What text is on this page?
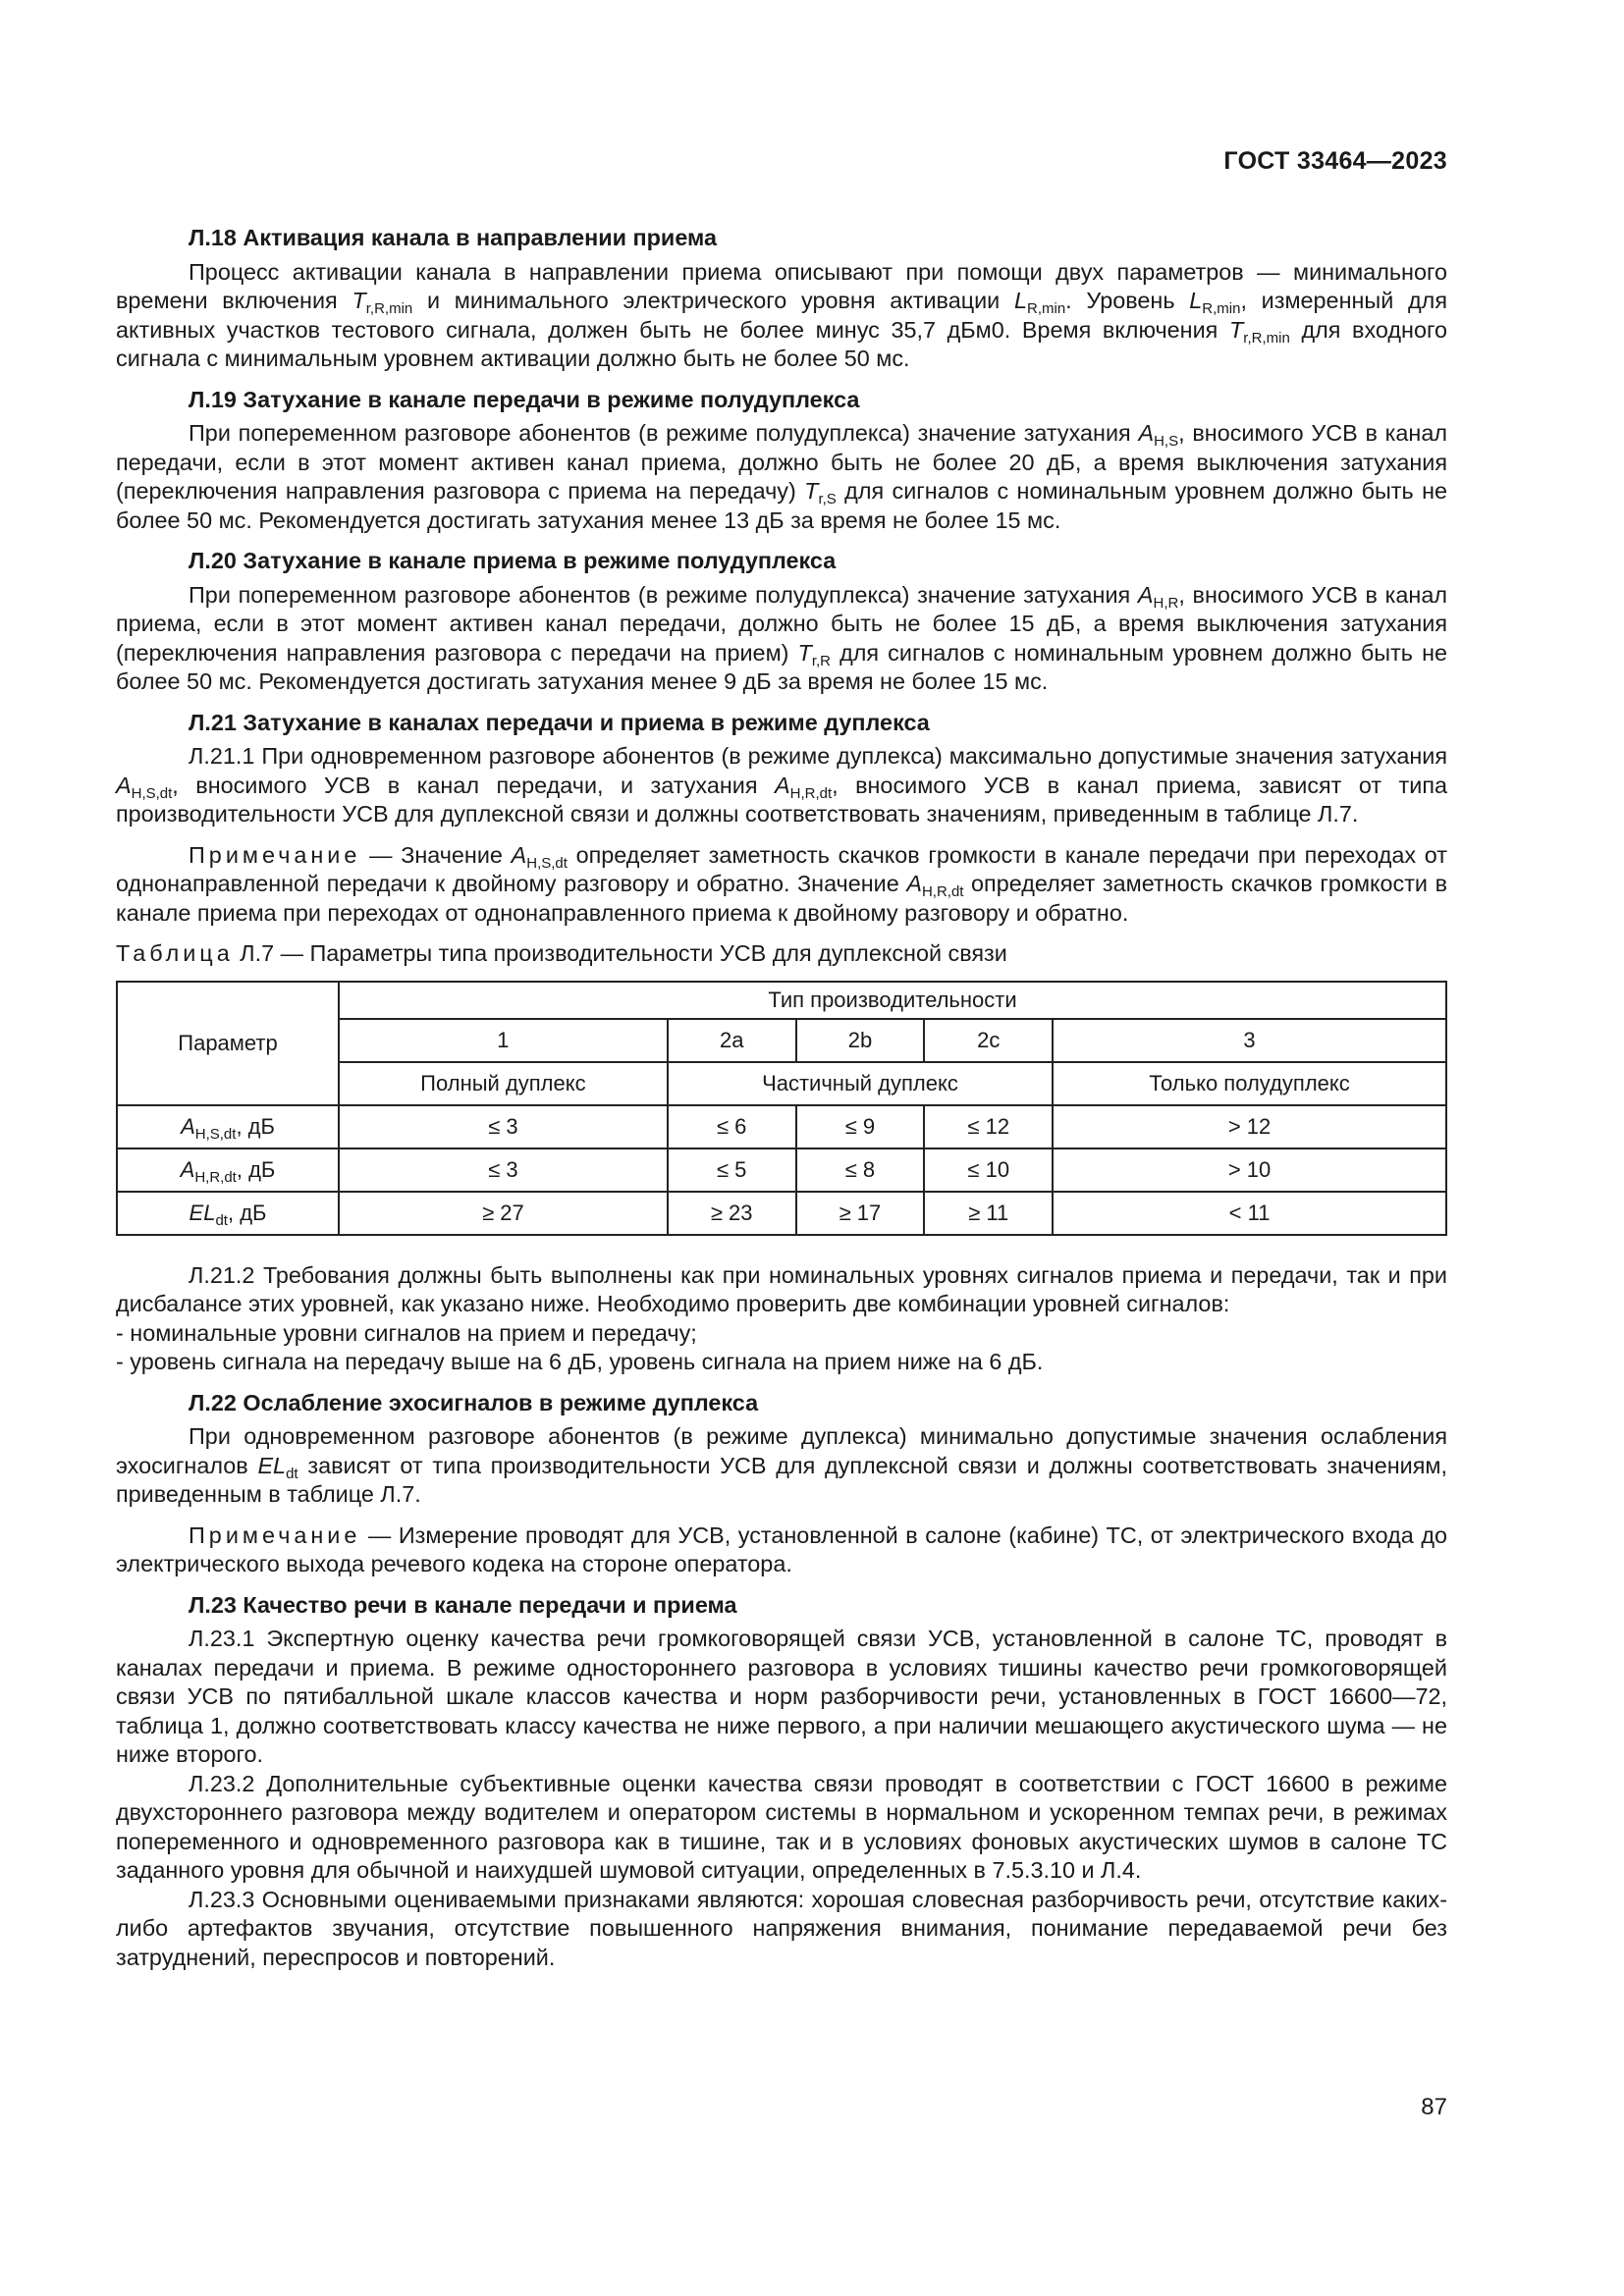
ГОСТ 33464—2023
Л.18 Активация канала в направлении приема

Процесс активации канала в направлении приема описывают при помощи двух параметров — минимального времени включения $T_{r,R,min}$ и минимального электрического уровня активации $L_{R,min}$. Уровень $L_{R,min}$, измеренный для активных участков тестового сигнала, должен быть не более минус 35,7 дБм0. Время включения $T_{r,R,min}$ для входного сигнала с минимальным уровнем активации должно быть не более 50 мс.

Л.19 Затухание в канале передачи в режиме полудуплекса

При попеременном разговоре абонентов (в режиме полудуплекса) значение затухания $A_{H,S}$, вносимого УСВ в канал передачи, если в этот момент активен канал приема, должно быть не более 20 дБ, а время выключения затухания (переключения направления разговора с приема на передачу) $T_{r,S}$ для сигналов с номинальным уровнем должно быть не более 50 мс. Рекомендуется достигать затухания менее 13 дБ за время не более 15 мс.

Л.20 Затухание в канале приема в режиме полудуплекса

При попеременном разговоре абонентов (в режиме полудуплекса) значение затухания $A_{H,R}$, вносимого УСВ в канал приема, если в этот момент активен канал передачи, должно быть не более 15 дБ, а время выключения затухания (переключения направления разговора с передачи на прием) $T_{r,R}$ для сигналов с номинальным уровнем должно быть не более 50 мс. Рекомендуется достигать затухания менее 9 дБ за время не более 15 мс.

Л.21 Затухание в каналах передачи и приема в режиме дуплекса

Л.21.1 При одновременном разговоре абонентов (в режиме дуплекса) максимально допустимые значения затухания $A_{H,S,dt}$, вносимого УСВ в канал передачи, и затухания $A_{H,R,dt}$, вносимого УСВ в канал приема, зависят от типа производительности УСВ для дуплексной связи и должны соответствовать значениям, приведенным в таблице Л.7.

Примечание — Значение $A_{H,S,dt}$ определяет заметность скачков громкости в канале передачи при переходах от однонаправленной передачи к двойному разговору и обратно. Значение $A_{H,R,dt}$ определяет заметность скачков громкости в канале приема при переходах от однонаправленного приема к двойному разговору и обратно.

Таблица Л.7 — Параметры типа производительности УСВ для дуплексной связи

Параметр	Тип производительности				
	1	2a	2b	2c	3
	Полный дуплекс	Частичный дуплекс			Только полудуплекс
$A_{H,S,dt}$, дБ	≤ 3	≤ 6	≤ 9	≤ 12	> 12
$A_{H,R,dt}$, дБ	≤ 3	≤ 5	≤ 8	≤ 10	> 10
$EL_{dt}$, дБ	≥ 27	≥ 23	≥ 17	≥ 11	< 11

Л.21.2 Требования должны быть выполнены как при номинальных уровнях сигналов приема и передачи, так и при дисбалансе этих уровней, как указано ниже. Необходимо проверить две комбинации уровней сигналов:

- номинальные уровни сигналов на прием и передачу;

- уровень сигнала на передачу выше на 6 дБ, уровень сигнала на прием ниже на 6 дБ.

Л.22 Ослабление эхосигналов в режиме дуплекса

При одновременном разговоре абонентов (в режиме дуплекса) минимально допустимые значения ослабления эхосигналов $EL_{dt}$ зависят от типа производительности УСВ для дуплексной связи и должны соответствовать значениям, приведенным в таблице Л.7.

Примечание — Измерение проводят для УСВ, установленной в салоне (кабине) ТС, от электрического входа до электрического выхода речевого кодека на стороне оператора.

Л.23 Качество речи в канале передачи и приема

Л.23.1 Экспертную оценку качества речи громкоговорящей связи УСВ, установленной в салоне ТС, проводят в каналах передачи и приема. В режиме одностороннего разговора в условиях тишины качество речи громкоговорящей связи УСВ по пятибалльной шкале классов качества и норм разборчивости речи, установленных в ГОСТ 16600—72, таблица 1, должно соответствовать классу качества не ниже первого, а при наличии мешающего акустического шума — не ниже второго.

Л.23.2 Дополнительные субъективные оценки качества связи проводят в соответствии с ГОСТ 16600 в режиме двухстороннего разговора между водителем и оператором системы в нормальном и ускоренном темпах речи, в режимах попеременного и одновременного разговора как в тишине, так и в условиях фоновых акустических шумов в салоне ТС заданного уровня для обычной и наихудшей шумовой ситуации, определенных в 7.5.3.10 и Л.4.

Л.23.3 Основными оцениваемыми признаками являются: хорошая словесная разборчивость речи, отсутствие каких-либо артефактов звучания, отсутствие повышенного напряжения внимания, понимание передаваемой речи без затруднений, переспросов и повторений.

87
